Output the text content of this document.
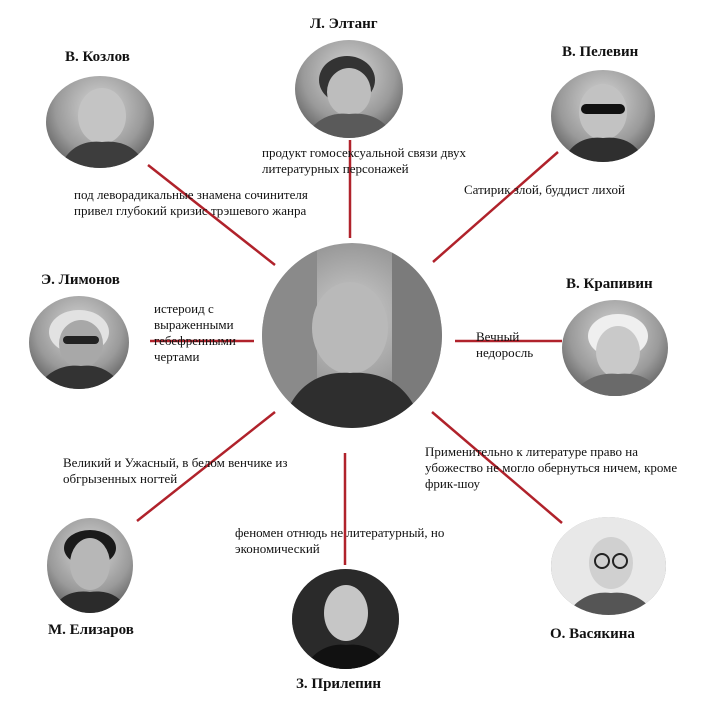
В. Козлов
под леворадикальные знамена сочинителя привел глубокий кризис трэшевого жанра
Л. Элтанг
продукт гомосексуальной связи двух литературных персонажей
В. Пелевин
Сатирик злой, буддист лихой
Э. Лимонов
истероид с выраженными гебефренными чертами
В. Крапивин
Вечный недоросль
Великий и Ужасный, в белом венчике из обгрызенных ногтей
М. Елизаров
феномен отнюдь не литературный, но экономический
З. Прилепин
Применительно к литературе право на убожество не могло обернуться ничем, кроме фрик-шоу
О. Васякина
